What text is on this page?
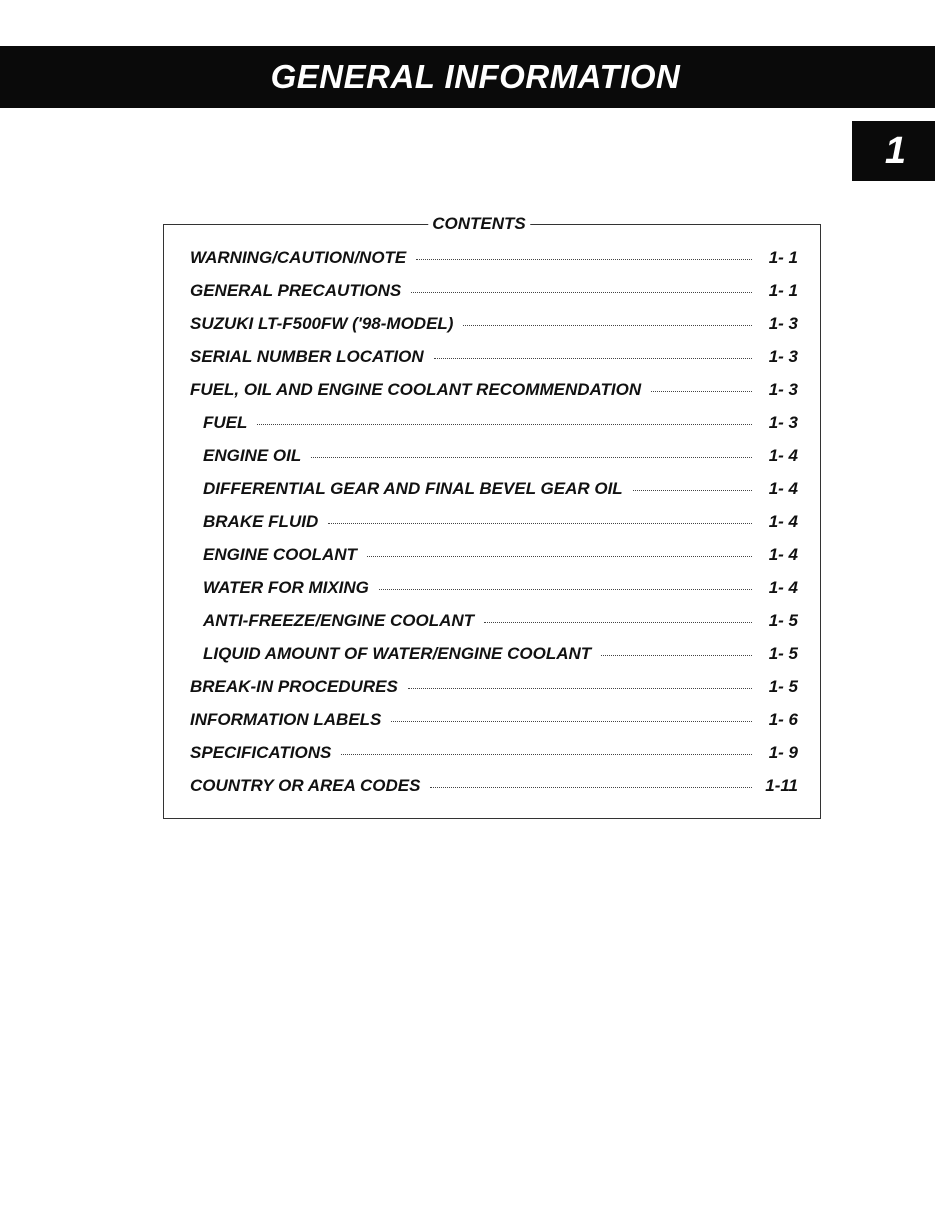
GENERAL INFORMATION
1
CONTENTS
WARNING/CAUTION/NOTE	1- 1
GENERAL PRECAUTIONS	1- 1
SUZUKI LT-F500FW ('98-MODEL)	1- 3
SERIAL NUMBER LOCATION	1- 3
FUEL, OIL AND ENGINE COOLANT RECOMMENDATION	1- 3
FUEL	1- 3
ENGINE OIL	1- 4
DIFFERENTIAL GEAR AND FINAL BEVEL GEAR OIL	1- 4
BRAKE FLUID	1- 4
ENGINE COOLANT	1- 4
WATER FOR MIXING	1- 4
ANTI-FREEZE/ENGINE COOLANT	1- 5
LIQUID AMOUNT OF WATER/ENGINE COOLANT	1- 5
BREAK-IN PROCEDURES	1- 5
INFORMATION LABELS	1- 6
SPECIFICATIONS	1- 9
COUNTRY OR AREA CODES	1-11
